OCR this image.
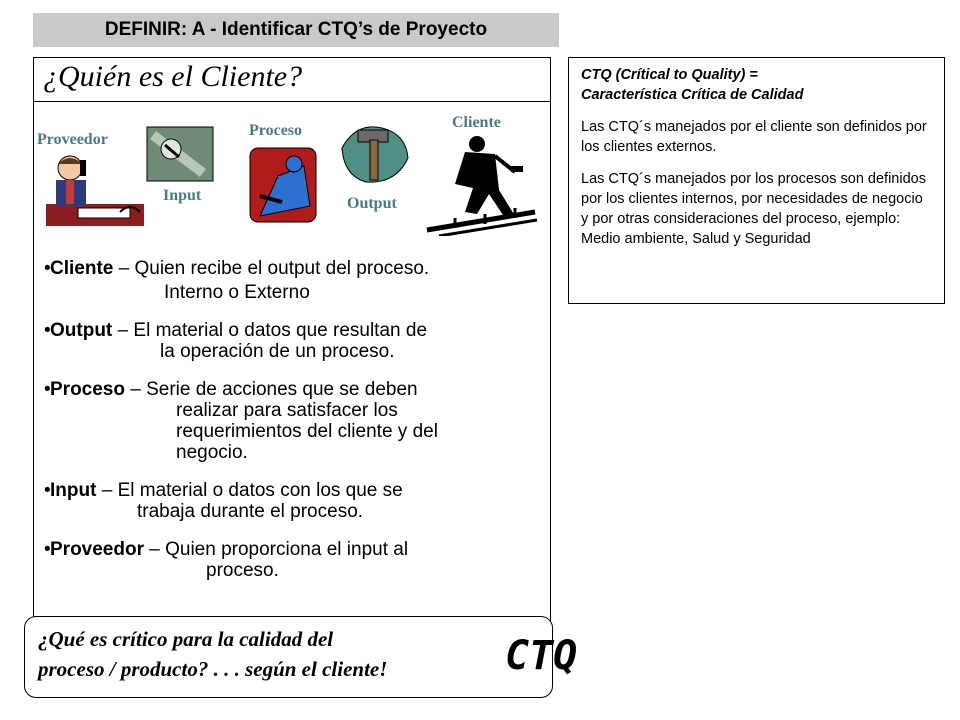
DEFINIR: A - Identificar CTQ’s de Proyecto
¿Quién es el Cliente?
Proveedor
Input
Proceso
Output
Cliente
• Cliente – Quien recibe el output del proceso.
Interno o Externo
• Output – El material o datos que resultan de
la operación de un proceso.
• Proceso – Serie de acciones que se deben
realizar para satisfacer los
requerimientos del cliente y del
negocio.
• Input – El material o datos con los que se
trabaja durante el proceso.
• Proveedor – Quien proporciona el input al
proceso.

CTQ (Crítical to Quality) =
Característica Crítica de Calidad

Las CTQ´s manejados por el cliente son definidos por los clientes externos.

Las CTQ´s manejados por los procesos son definidos por los clientes internos, por necesidades de negocio y por otras consideraciones del proceso, ejemplo: Medio ambiente, Salud y Seguridad

¿Qué es crítico para la calidad del
proceso / producto? . . . según el cliente!	CTQ
